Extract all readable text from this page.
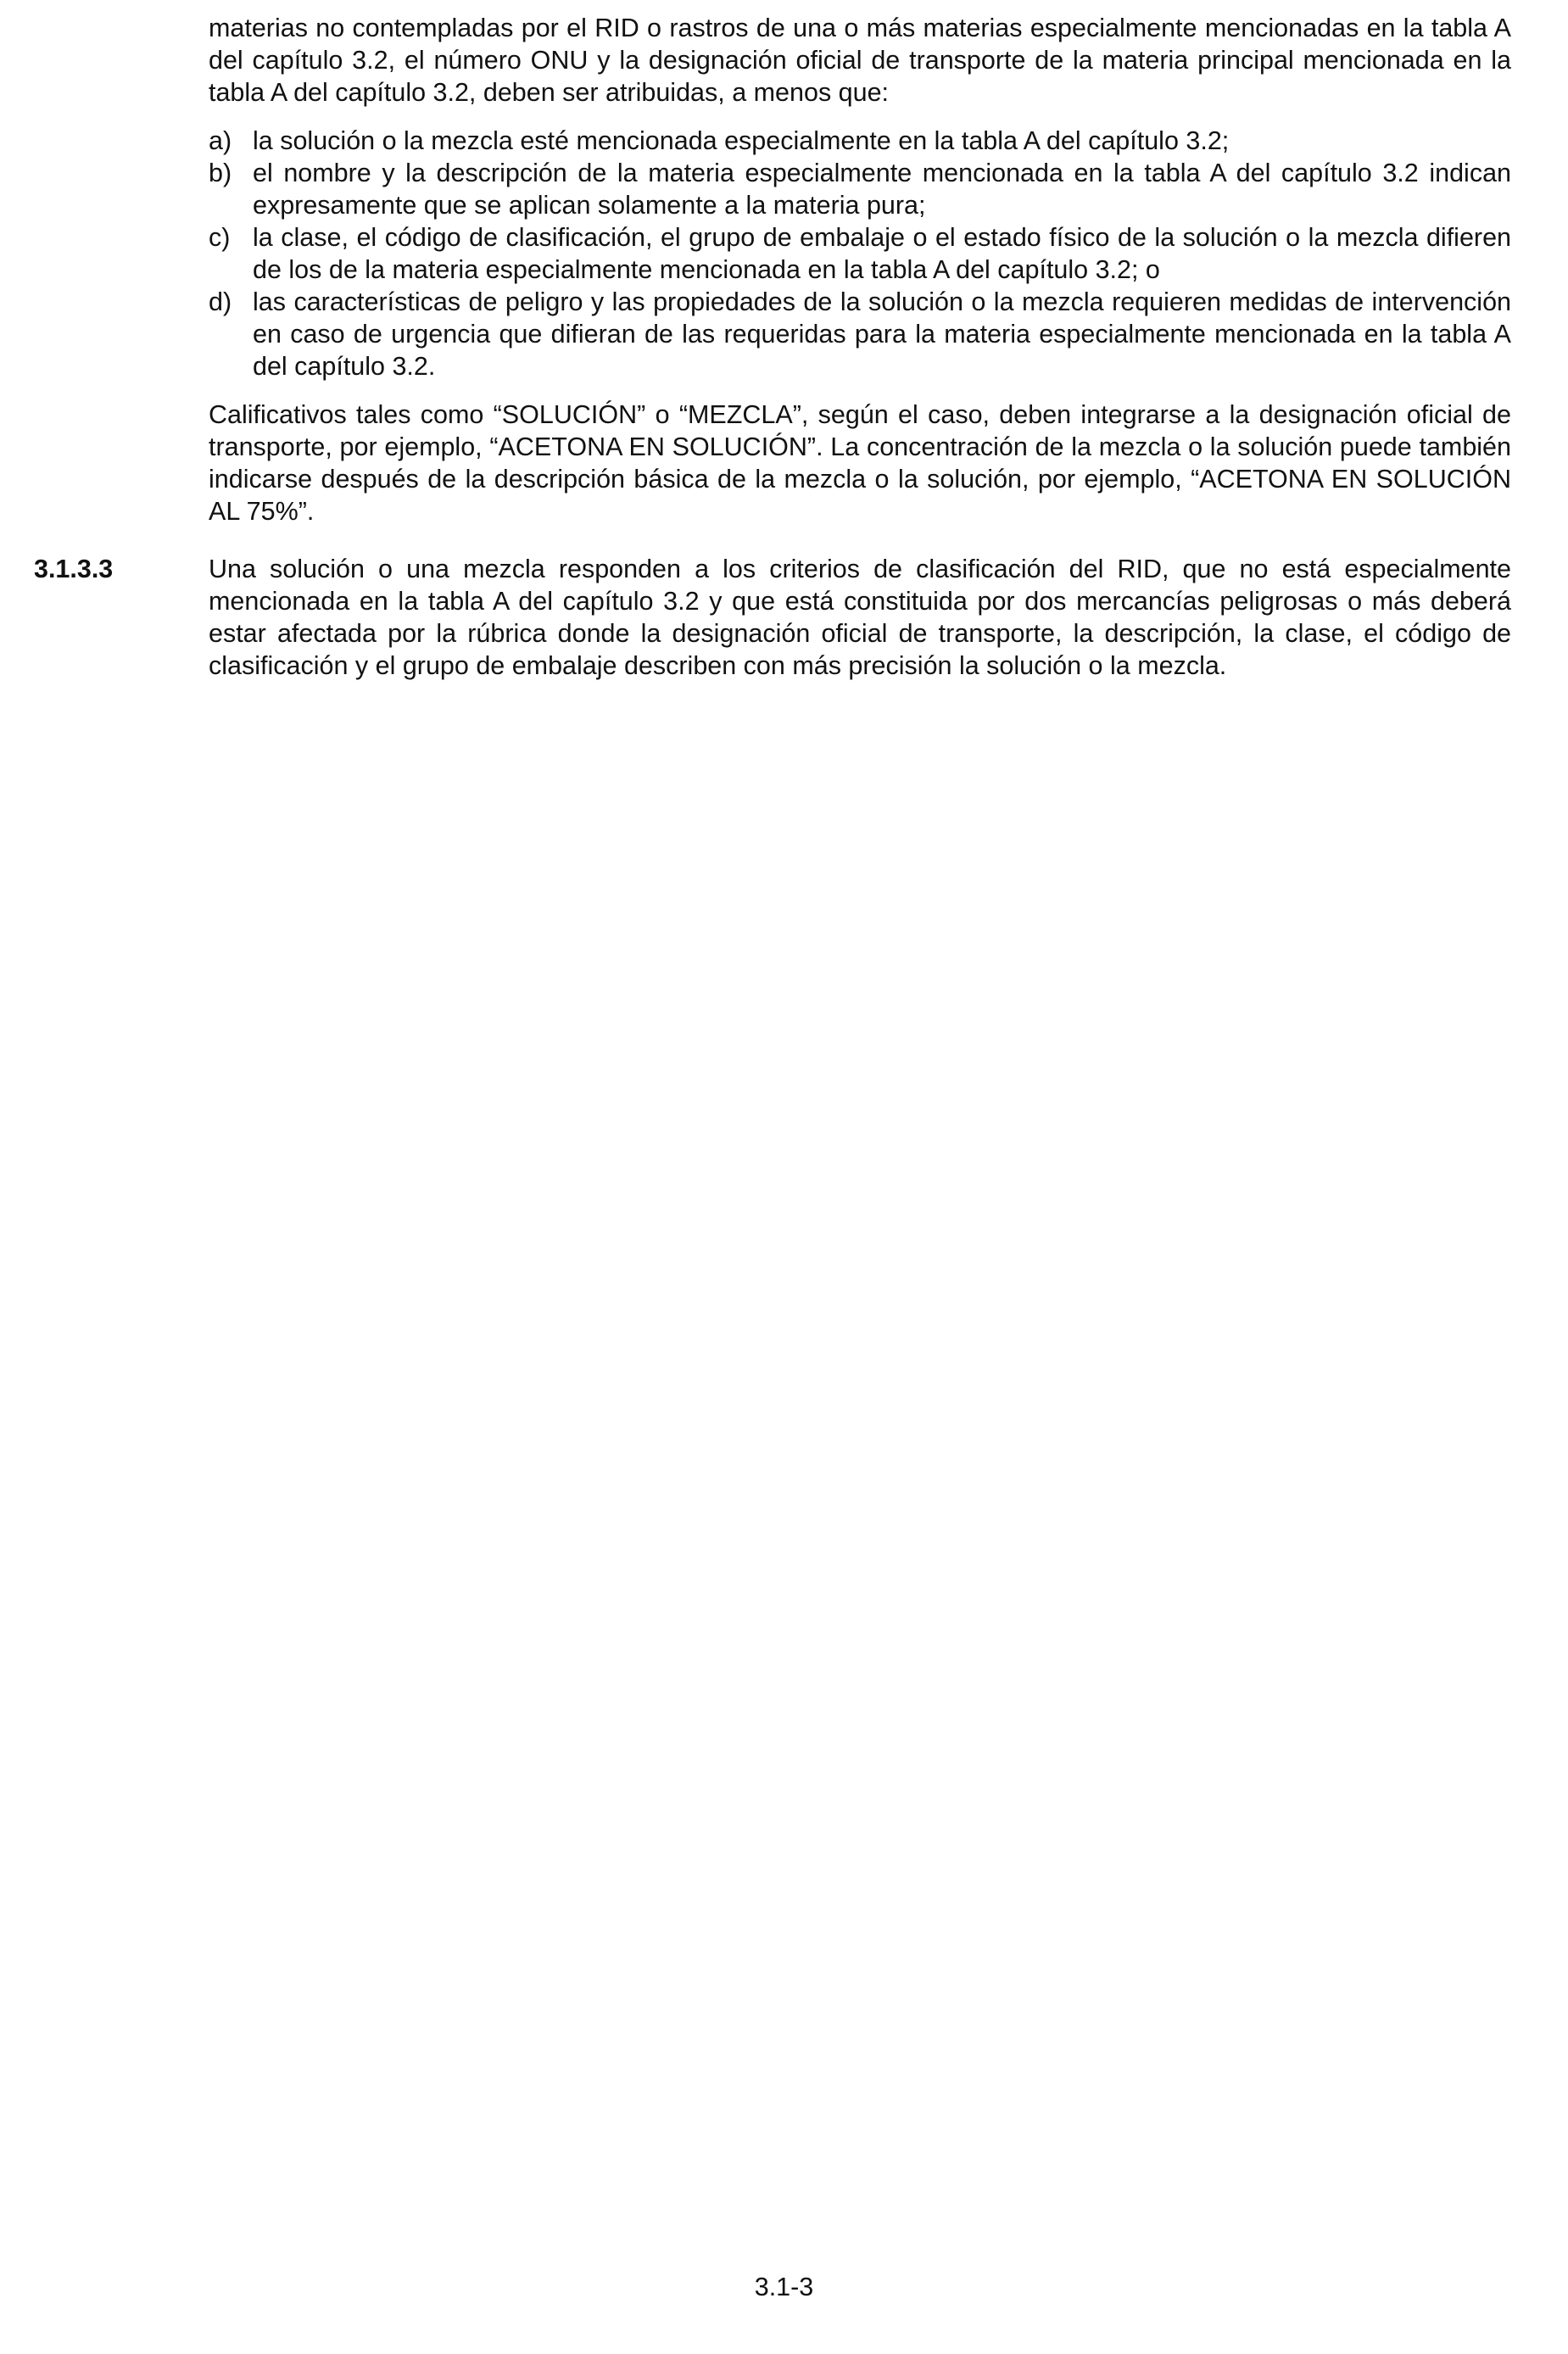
materias no contempladas por el RID o rastros de una o más materias especialmente mencionadas en la tabla A del capítulo 3.2, el número ONU y la designación oficial de transporte de la materia principal mencionada en la tabla A del capítulo 3.2, deben ser atribuidas, a menos que:

a) la solución o la mezcla esté mencionada especialmente en la tabla A del capítulo 3.2;
b) el nombre y la descripción de la materia especialmente mencionada en la tabla A del capítulo 3.2 indican expresamente que se aplican solamente a la materia pura;
c) la clase, el código de clasificación, el grupo de embalaje o el estado físico de la solución o la mezcla difieren de los de la materia especialmente mencionada en la tabla A del capítulo 3.2; o
d) las características de peligro y las propiedades de la solución o la mezcla requieren medidas de intervención en caso de urgencia que difieran de las requeridas para la materia especialmente mencionada en la tabla A del capítulo 3.2.

Calificativos tales como “SOLUCIÓN” o “MEZCLA”, según el caso, deben integrarse a la designación oficial de transporte, por ejemplo, “ACETONA EN SOLUCIÓN”. La concentración de la mezcla o la solución puede también indicarse después de la descripción básica de la mezcla o la solución, por ejemplo, “ACETONA EN SOLUCIÓN AL 75%”.

3.1.3.3	Una solución o una mezcla responden a los criterios de clasificación del RID, que no está especialmente mencionada en la tabla A del capítulo 3.2 y que está constituida por dos mercancías peligrosas o más deberá estar afectada por la rúbrica donde la designación oficial de transporte, la descripción, la clase, el código de clasificación y el grupo de embalaje describen con más precisión la solución o la mezcla.
3.1-3
